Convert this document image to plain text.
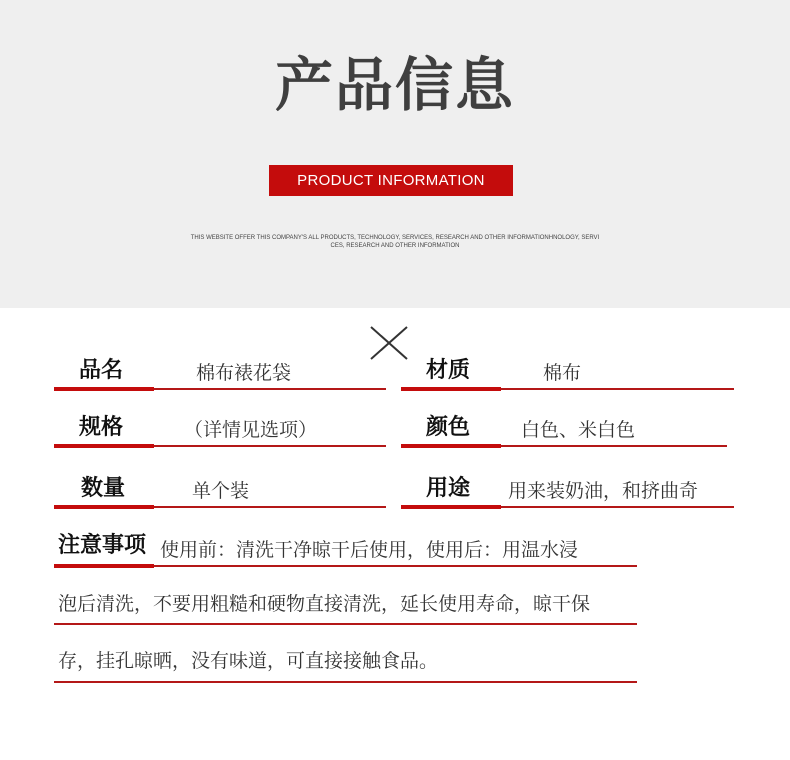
产品信息
PRODUCT INFORMATION
THIS WEBSITE OFFER THIS COMPANY'S ALL PRODUCTS, TECHNOLOGY, SERVICES, RESEARCH AND OTHER INFORMATIONHNOLOGY, SERVICES, RESEARCH AND OTHER INFORMATION
品名	棉布裱花袋	材质	棉布
规格	（详情见选项）	颜色	白色、米白色
数量	单个装	用途 用来装奶油，和挤曲奇
注意事项 使用前：清洗干净晾干后使用，使用后：用温水浸
泡后清洗，不要用粗糙和硬物直接清洗，延长使用寿命，晾干保
存，挂孔晾晒，没有味道，可直接接触食品。
